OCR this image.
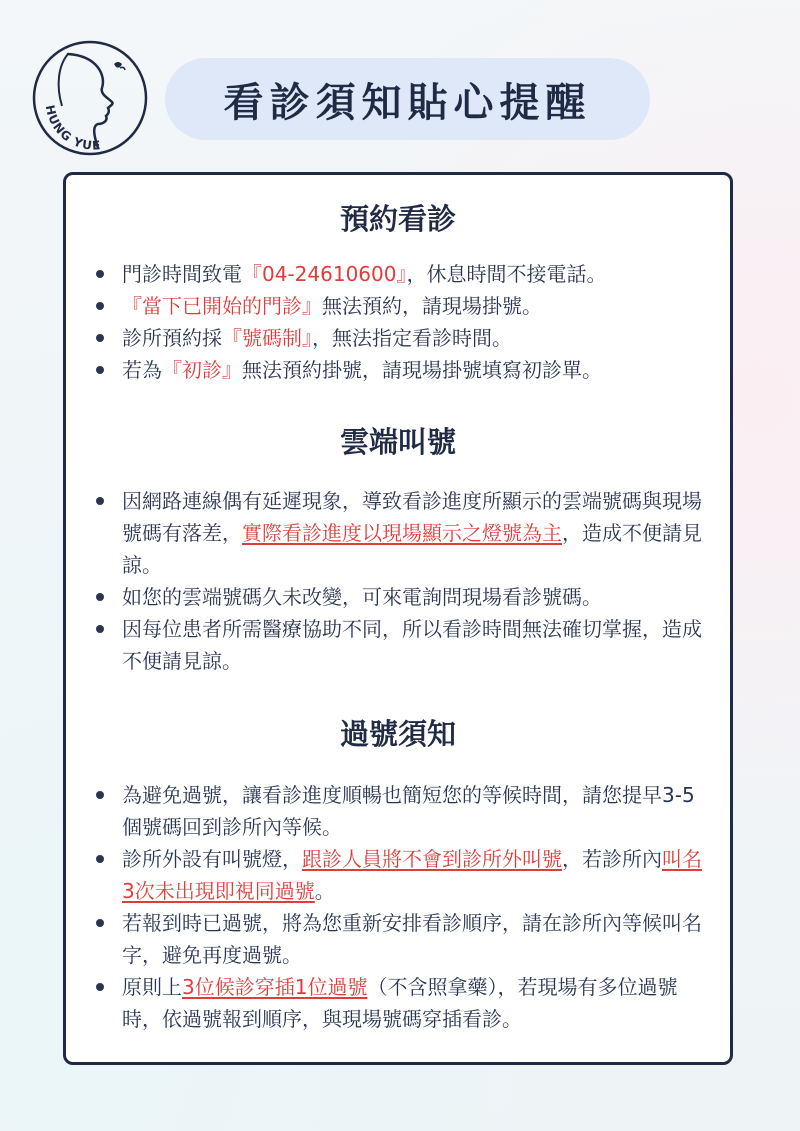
HUNG YUE
看診須知貼心提醒
預約看診
門診時間致電『04-24610600』，休息時間不接電話。
『當下已開始的門診』無法預約，請現場掛號。
診所預約採『號碼制』，無法指定看診時間。
若為『初診』無法預約掛號，請現場掛號填寫初診單。
雲端叫號
因網路連線偶有延遲現象，導致看診進度所顯示的雲端號碼與現場號碼有落差，實際看診進度以現場顯示之燈號為主，造成不便請見諒。
如您的雲端號碼久未改變，可來電詢問現場看診號碼。
因每位患者所需醫療協助不同，所以看診時間無法確切掌握，造成不便請見諒。
過號須知
為避免過號，讓看診進度順暢也簡短您的等候時間，請您提早3-5個號碼回到診所內等候。
診所外設有叫號燈，跟診人員將不會到診所外叫號，若診所內叫名3次未出現即視同過號。
若報到時已過號，將為您重新安排看診順序，請在診所內等候叫名字，避免再度過號。
原則上3位候診穿插1位過號（不含照拿藥），若現場有多位過號時，依過號報到順序，與現場號碼穿插看診。
